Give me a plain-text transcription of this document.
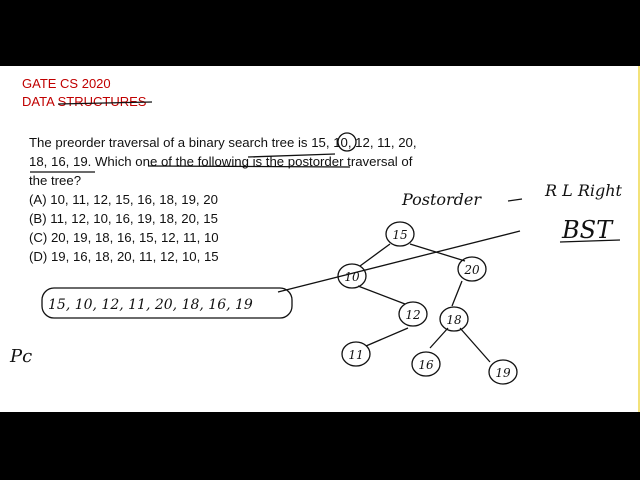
GATE CS 2020
DATA STRUCTURES
The preorder traversal of a binary search tree is 15, 10, 12, 11, 20,
18, 16, 19. Which one of the following is the postorder traversal of
the tree?
(A) 10, 11, 12, 15, 16, 18, 19, 20
(B) 11, 12, 10, 16, 19, 18, 20, 15
(C) 20, 19, 18, 16, 15, 12, 11, 10
(D) 19, 16, 18, 20, 11, 12, 10, 15
15
10	20
12 18
11
16
19
Postorder	R L Right
BST
15, 10, 12, 11, 20, 18, 16, 19
Pc
